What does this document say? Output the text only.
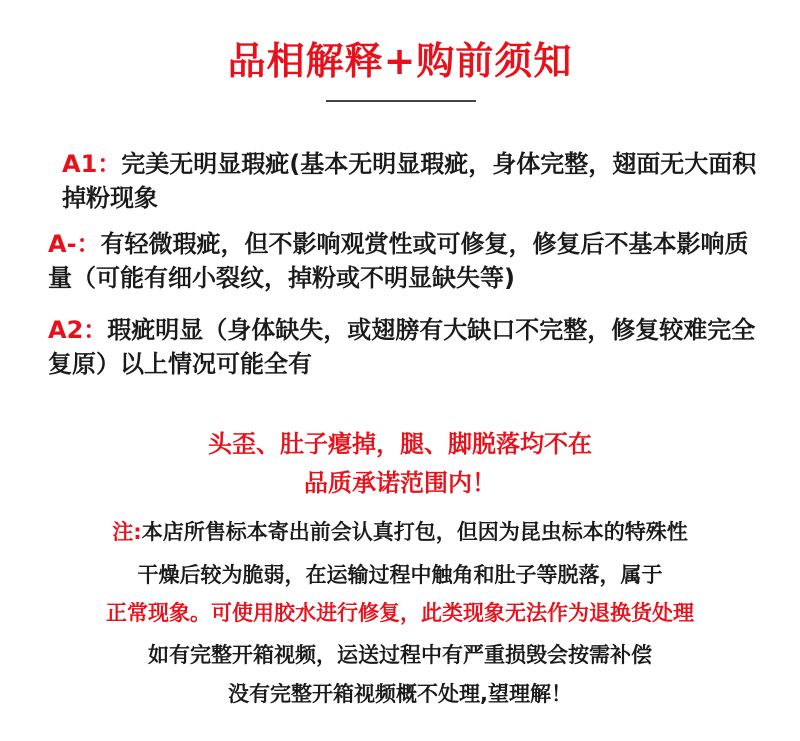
品相解释+购前须知
A1：完美无明显瑕疵(基本无明显瑕疵，身体完整，翅面无大面积掉粉现象
A-：有轻微瑕疵，但不影响观赏性或可修复，修复后不基本影响质量（可能有细小裂纹，掉粉或不明显缺失等)
A2：瑕疵明显（身体缺失，或翅膀有大缺口不完整，修复较难完全复原）以上情况可能全有
头歪、肚子瘪掉，腿、脚脱落均不在
品质承诺范围内！
注:本店所售标本寄出前会认真打包，但因为昆虫标本的特殊性
干燥后较为脆弱，在运输过程中触角和肚子等脱落，属于
正常现象。可使用胶水进行修复，此类现象无法作为退换货处理
如有完整开箱视频，运送过程中有严重损毁会按需补偿
没有完整开箱视频概不处理,望理解！
